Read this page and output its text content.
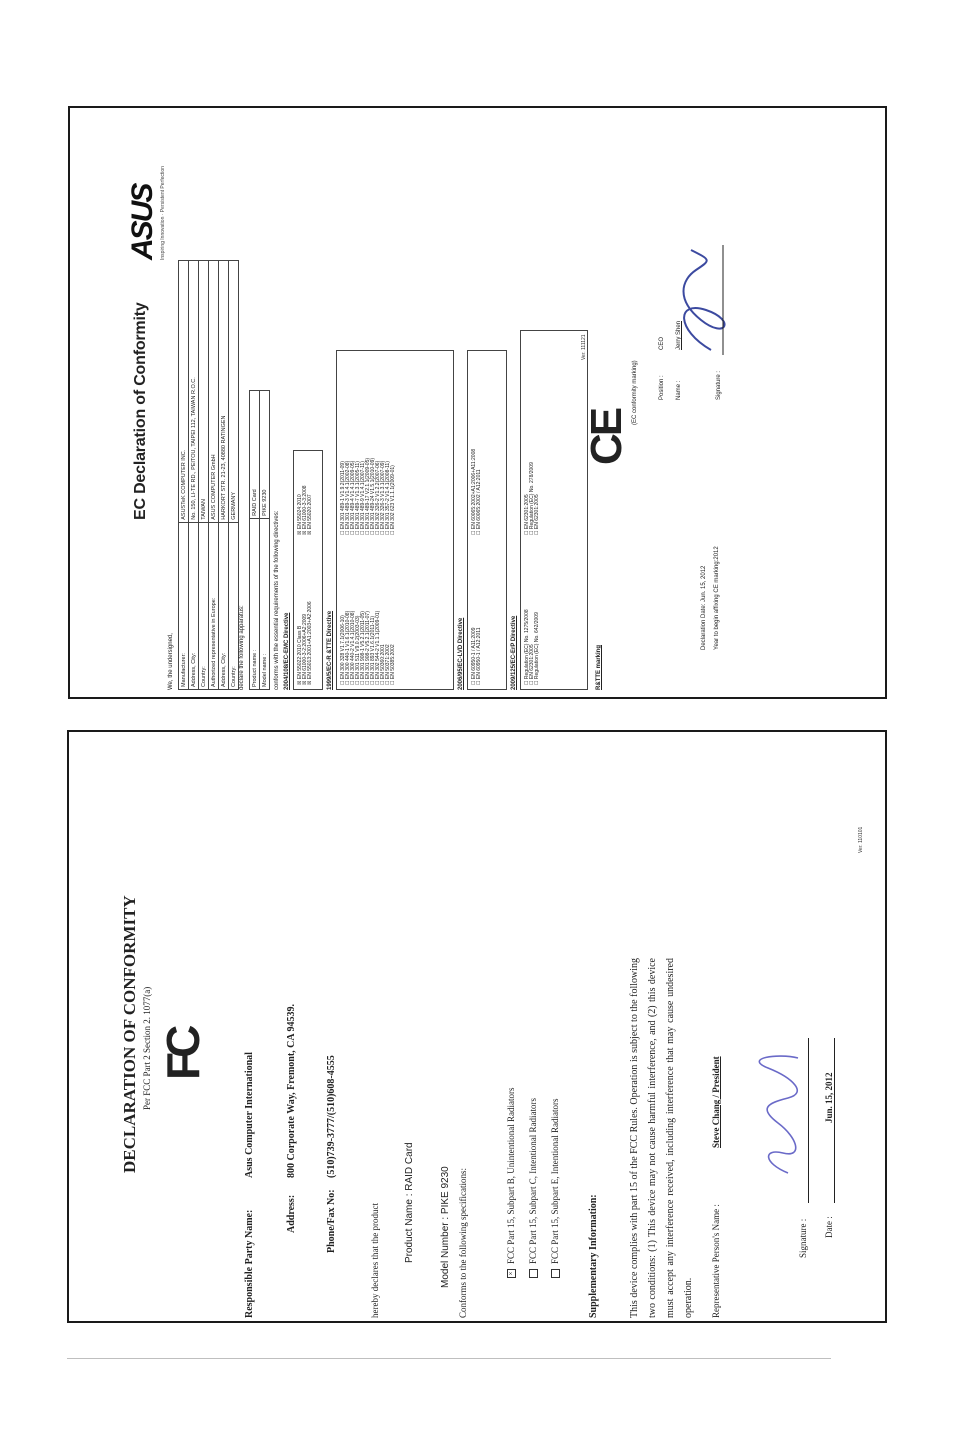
EC Declaration of Conformity
ASUS Inspiring Innovation · Persistent Perfection
We, the undersigned, Manufacturer:	ASUSTeK COMPUTER INC.
Address, City:	No. 150, LI-TE RD., PEITOU, TAIPEI 112, TAIWAN R.O.C.
Country:	TAIWAN
Authorized representative in Europe:	ASUS COMPUTER GmbH
Address, City:	HARKORT STR. 21-23, 40880 RATINGEN
Country:	GERMANY
declare the following apparatus: Product name :	RAID Card
Model name :	PIKE 9230
conforms with the essential requirements of the following directives: 2004/108/EC-EMC Directive ☒ EN 55022:2010 Class B ☒ EN 61000-3-2:2006+A2:2009 ☒ EN 55013:2001+A1:2003+A2:2006
☒ EN 55024:2010 ☒ EN 61000-3-3:2008 ☒ EN 55020:2007
1999/5/EC-R &TTE Directive ☐ EN 300 328 V1.7.1(2006-10) ☐ EN 300 440-1 V1.6.1(2010-08) ☐ EN 300 440-2 V1.4.1(2010-08) ☐ EN 301 511 V9.0.2(2003-03) ☐ EN 301 908-1 V5.2.1(2011-05) ☐ EN 301 908-2 V5.2.1(2011-07) ☐ EN 301 893 V1.6.1(2011-11) ☐ EN 302 544-2 V1.1.1(2009-01) ☐ EN 50360:2001 ☐ EN 50371:2002 ☐ EN 50385:2002
☐ EN 301 489-1 V1.9.2(2011-09) ☐ EN 301 489-3 V1.4.1(2002-08) ☐ EN 301 489-4 V1.4.1(2009-05) ☐ EN 301 489-7 V1.3.1(2005-11) ☐ EN 301 489-9 V1.4.1(2007-11) ☐ EN 301 489-17 V2.1.1(2009-05) ☐ EN 301 489-24 V1.5.1(2010-09) ☐ EN 302 326-2 V1.2.2(2007-06) ☐ EN 302 326-3 V1.3.1(2007-09) ☐ EN 301 357-2 V1.4.1(2008-11) ☐ EN 302 623 V1.1.1(2009-01)
2006/95/EC-LVD Directive ☐ EN 60950-1 / A11:2009 ☐ EN 60950-1 / A12:2011
☐ EN 60065:2002+A1:2006+A11:2008 ☐ EN 60065:2002 / A12:2011
2009/125/EC-ErP Directive ☐ Regulation (EC) No. 1275/2008 ☐ EN 62301:2005 ☐ Regulation (EC) No. 642/2009
☐ EN 62301:2005 ☐ Regulation (EC) No. 278/2009 ☐ EN 62301:2005
Ver. 111121
R&TTE marking
C​E
(EC conformity marking)	Position :
CEO
Name :
Jerry Shen
Declaration Date: Jun. 15, 2012 Year to begin affixing CE marking:2012
Signature :
DECLARATION OF CONFORMITY Per FCC Part 2 Section 2. 1077(a) FC
Responsible Party Name:
Asus Computer International
Address:
800 Corporate Way, Fremont, CA 94539.
Phone/Fax No:
(510)739-3777/(510)608-4555
hereby declares that the product Product Name : RAID Card	Model Number : PIKE 9230 Conforms to the following specifications:	×FCC Part 15, Subpart B, Unintentional Radiators FCC Part 15, Subpart C, Intentional Radiators FCC Part 15, Subpart E, Intentional Radiators	Supplementary Information:	This device complies with part 15 of the FCC Rules. Operation is subject to the following two conditions: (1) This device may not cause harmful interference, and (2) this device must accept any interference received, including interference that may cause undesired operation.	Representative Person's Name :
Steve Chang / President
Signature : Date :
Jun. 15, 2012
Ver. 110101
